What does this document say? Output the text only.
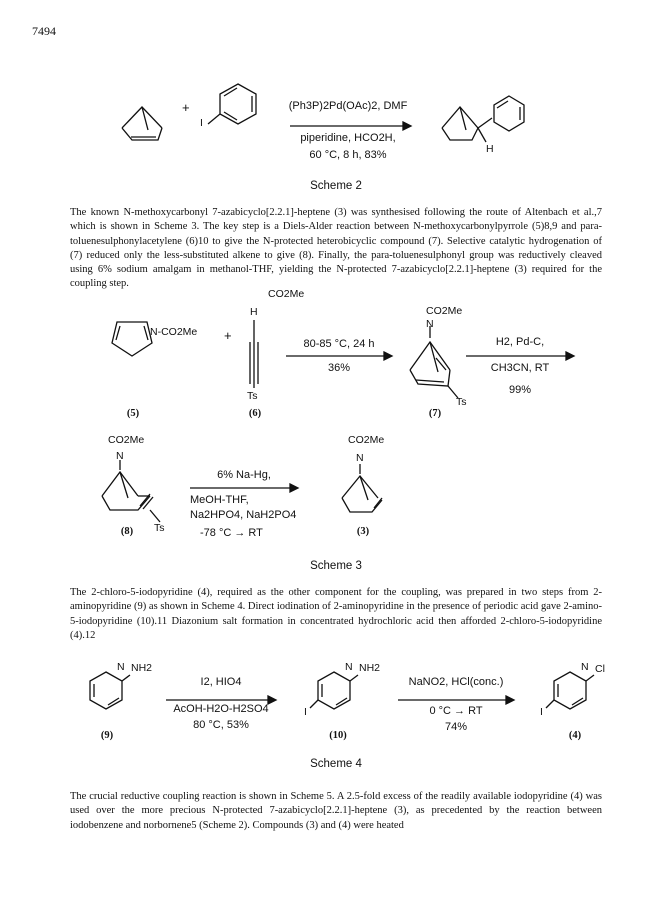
7494
+
I
(Ph3P)2Pd(OAc)2, DMF
piperidine, HCO2H,
60 °C, 8 h, 83%	H
Scheme 2
The known N-methoxycarbonyl 7-azabicyclo[2.2.1]-heptene (3) was synthesised following the route of Altenbach et al.,7 which is shown in Scheme 3. The key step is a Diels-Alder reaction between N-methoxycarbonylpyrrole (5)8,9 and para-toluenesulphonylacetylene (6)10 to give the N-protected heterobicyclic compound (7). Selective catalytic hydrogenation of (7) reduced only the less-substituted alkene to give (8). Finally, the para-toluenesulphonyl group was reductively cleaved using 6% sodium amalgam in methanol-THF, yielding the N-protected 7-azabicyclo[2.2.1]-heptene (3) required for the coupling step.
CO2Me
CO2Me
N
N-CO2Me +
H
Ts
80-85 °C, 24 h
36%
Ts
H2, Pd-C,
CH3CN, RT
99%
(5)	(6)	(7)
CO2Me
N
Ts
CO2Me
N
6% Na-Hg,
MeOH-THF,
Na2HPO4, NaH2PO4
-78 °C → RT
(8)	(3)
Scheme 3
The 2-chloro-5-iodopyridine (4), required as the other component for the coupling, was prepared in two steps from 2-aminopyridine (9) as shown in Scheme 4. Direct iodination of 2-aminopyridine in the presence of periodic acid gave 2-amino-5-iodopyridine (10).11 Diazonium salt formation in concentrated hydrochloric acid then afforded 2-chloro-5-iodopyridine (4).12
N NH2
I2, HIO4
AcOH-H2O-H2SO4
80 °C, 53%
N NH2
I
NaNO2, HCl(conc.)
0 °C → RT
74%
N Cl
I
(9)	(10)	(4)
Scheme 4
The crucial reductive coupling reaction is shown in Scheme 5. A 2.5-fold excess of the readily available iodopyridine (4) was used over the more precious N-protected 7-azabicyclo[2.2.1]-heptene (3), as precedented by the reaction between iodobenzene and norbornene5 (Scheme 2). Compounds (3) and (4) were heated
